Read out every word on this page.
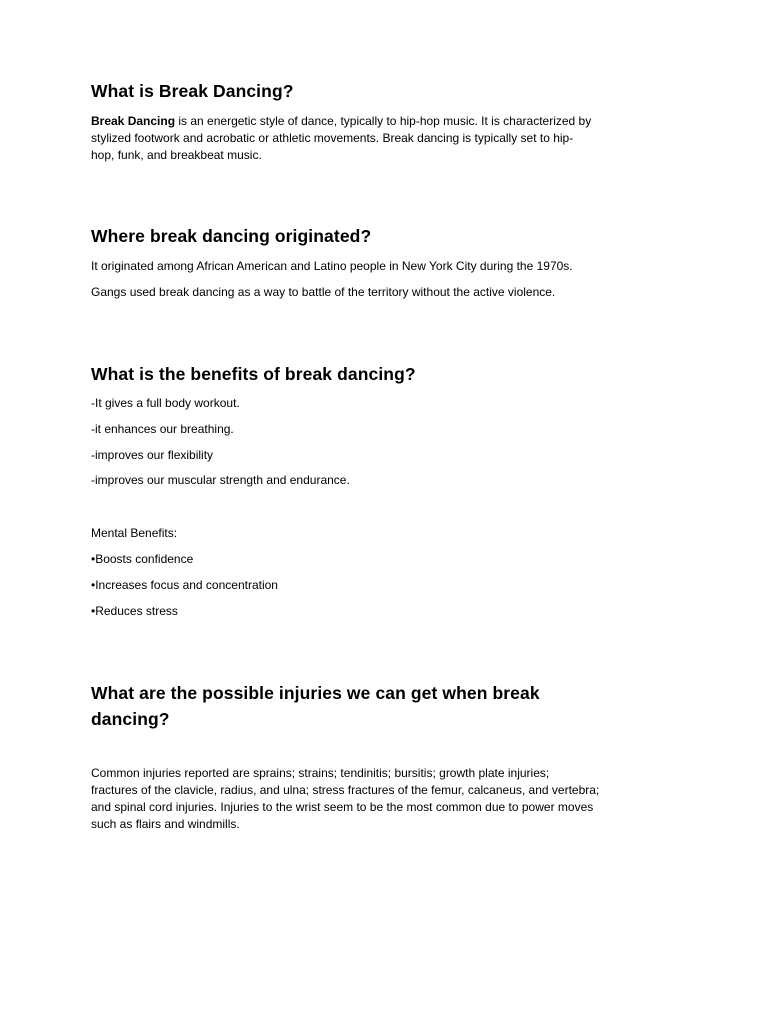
What is Break Dancing?
Break Dancing is an energetic style of dance, typically to hip-hop music. It is characterized by
stylized footwork and acrobatic or athletic movements. Break dancing is typically set to hip-
hop, funk, and breakbeat music.
Where break dancing originated?

It originated among African American and Latino people in New York City during the 1970s.

Gangs used break dancing as a way to battle of the territory without the active violence.

What is the benefits of break dancing?

-It gives a full body workout.

-it enhances our breathing.

-improves our flexibility

-improves our muscular strength and endurance.

Mental Benefits:

•Boosts confidence

•Increases focus and concentration

•Reduces stress

What are the possible injuries we can get when break
dancing?
Common injuries reported are sprains; strains; tendinitis; bursitis; growth plate injuries;
fractures of the clavicle, radius, and ulna; stress fractures of the femur, calcaneus, and vertebra;
and spinal cord injuries. Injuries to the wrist seem to be the most common due to power moves
such as flairs and windmills.
